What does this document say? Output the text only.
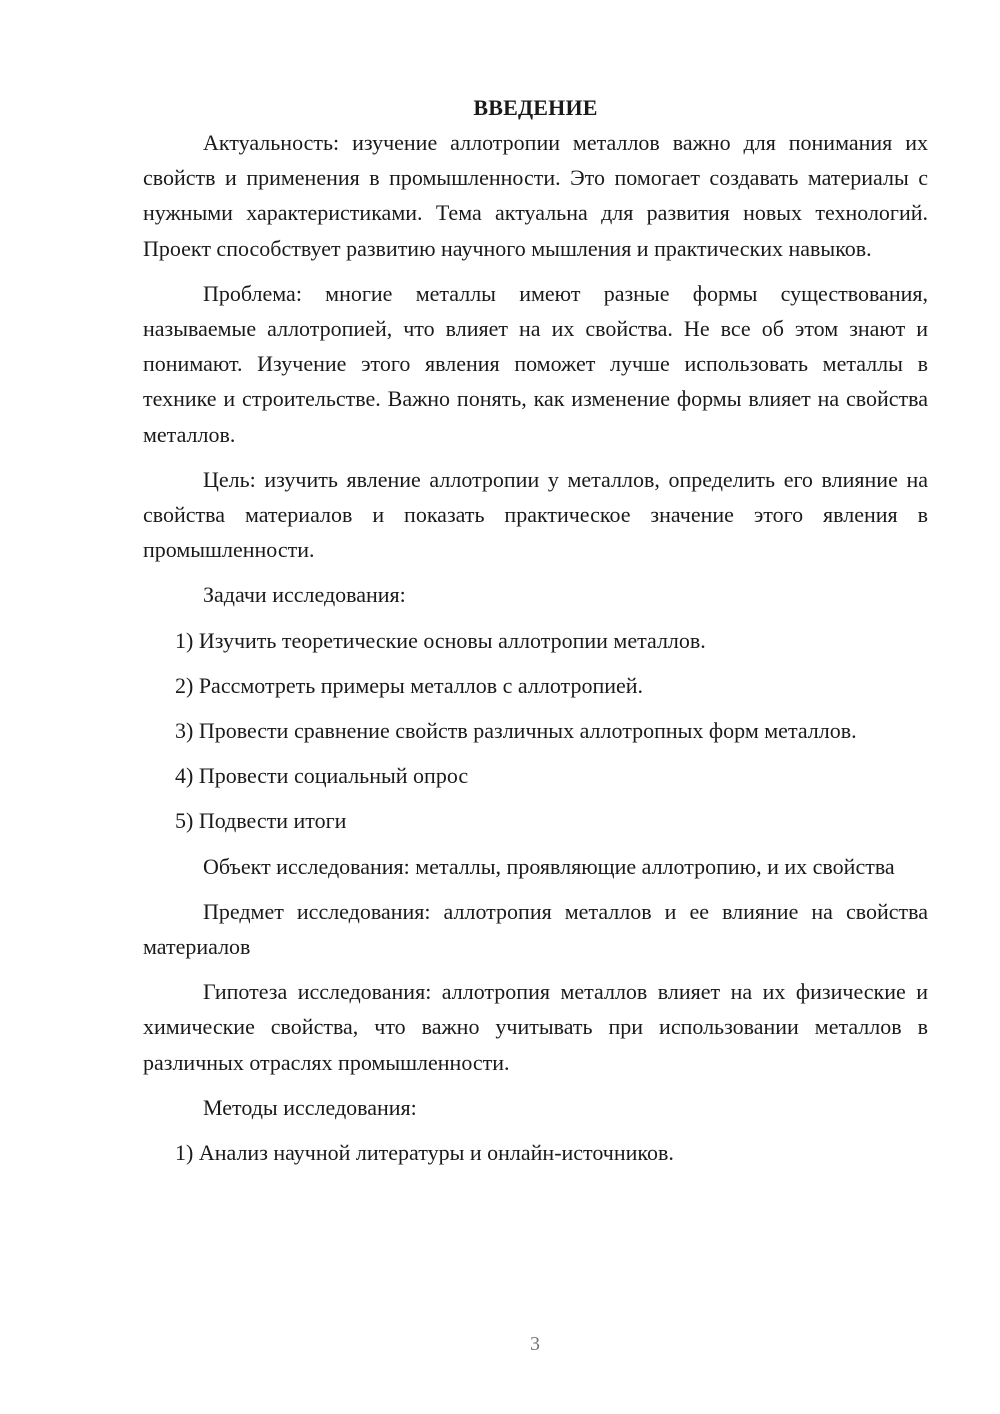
ВВЕДЕНИЕ

Актуальность: изучение аллотропии металлов важно для понимания их свойств и применения в промышленности. Это помогает создавать материалы с нужными характеристиками. Тема актуальна для развития новых технологий. Проект способствует развитию научного мышления и практических навыков.

Проблема: многие металлы имеют разные формы существования, называемые аллотропией, что влияет на их свойства. Не все об этом знают и понимают. Изучение этого явления поможет лучше использовать металлы в технике и строительстве. Важно понять, как изменение формы влияет на свойства металлов.

Цель: изучить явление аллотропии у металлов, определить его влияние на свойства материалов и показать практическое значение этого явления в промышленности.

Задачи исследования:

1) Изучить теоретические основы аллотропии металлов.

2) Рассмотреть примеры металлов с аллотропией.

3) Провести сравнение свойств различных аллотропных форм металлов.

4) Провести социальный опрос

5) Подвести итоги

Объект исследования: металлы, проявляющие аллотропию, и их свойства

Предмет исследования: аллотропия металлов и ее влияние на свойства материалов

Гипотеза исследования: аллотропия металлов влияет на их физические и химические свойства, что важно учитывать при использовании металлов в различных отраслях промышленности.

Методы исследования:

1) Анализ научной литературы и онлайн-источников.

3
